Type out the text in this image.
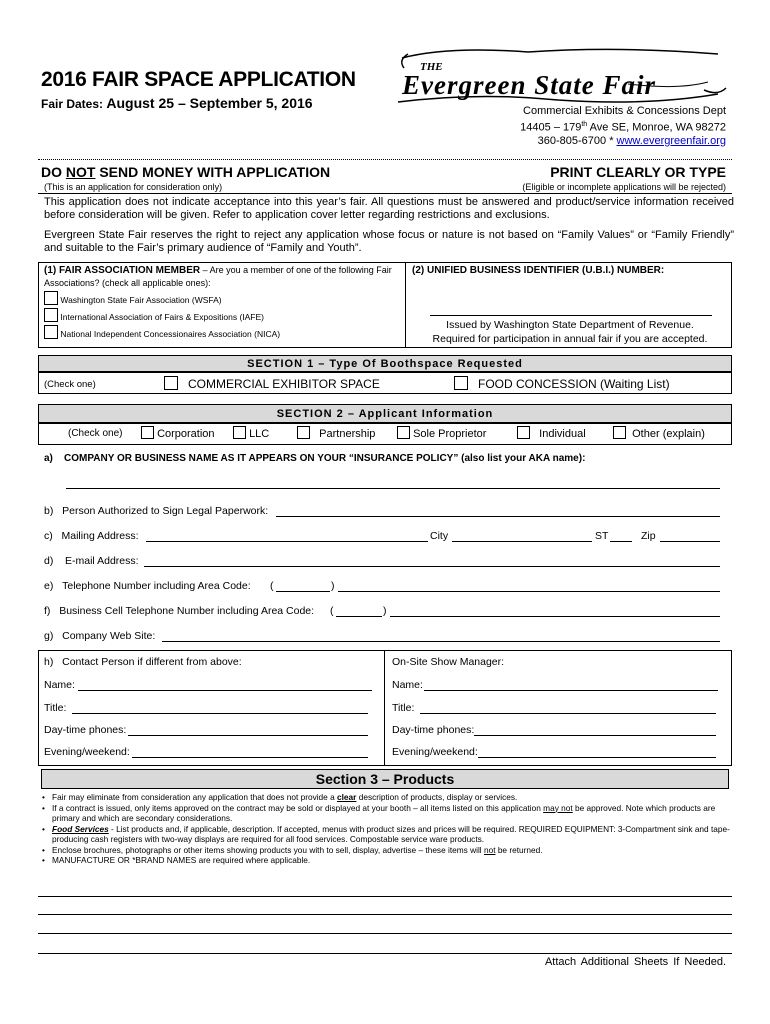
2016 FAIR SPACE APPLICATION
Fair Dates: August 25 – September 5, 2016
THE
Evergreen State Fair
Commercial Exhibits & Concessions Dept
14405 – 179th Ave SE, Monroe, WA 98272
360-805-6700 * www.evergreenfair.org
DO NOT SEND MONEY WITH APPLICATION	PRINT CLEARLY OR TYPE
(This is an application for consideration only)	(Eligible or incomplete applications will be rejected)
This application does not indicate acceptance into this year’s fair. All questions must be answered and product/service information received before consideration will be given. Refer to application cover letter regarding restrictions and exclusions.
Evergreen State Fair reserves the right to reject any application whose focus or nature is not based on “Family Values” or “Family Friendly” and suitable to the Fair’s primary audience of “Family and Youth”.
(1) FAIR ASSOCIATION MEMBER – Are you a member of one of the following Fair Associations? (check all applicable ones):
Washington State Fair Association (WSFA)
International Association of Fairs & Expositions (IAFE)
National Independent Concessionaires Association (NICA)
(2) UNIFIED BUSINESS IDENTIFIER (U.B.I.) NUMBER:
Issued by Washington State Department of Revenue.
Required for participation in annual fair if you are accepted.
SECTION 1 – Type Of Boothspace Requested
(Check one)	COMMERCIAL EXHIBITOR SPACE	FOOD CONCESSION (Waiting List)
SECTION 2 – Applicant Information
(Check one)	Corporation	LLC	Partnership	Sole Proprietor	Individual	Other (explain)
a) COMPANY OR BUSINESS NAME AS IT APPEARS ON YOUR “INSURANCE POLICY” (also list your AKA name):
b) Person Authorized to Sign Legal Paperwork:
c) Mailing Address:	City	ST	Zip
d) E-mail Address:
e) Telephone Number including Area Code: (	)
f) Business Cell Telephone Number including Area Code: (	)
g) Company Web Site:
h) Contact Person if different from above:	On-Site Show Manager:
Name:	Name:
Title:	Title:
Day-time phones:	Day-time phones:
Evening/weekend:	Evening/weekend:
Section 3 – Products
• Fair may eliminate from consideration any application that does not provide a clear description of products, display or services.
• If a contract is issued, only items approved on the contract may be sold or displayed at your booth – all items listed on this application may not be approved. Note which products are primary and which are secondary considerations.
• Food Services - List products and, if applicable, description. If accepted, menus with product sizes and prices will be required. REQUIRED EQUIPMENT: 3-Compartment sink and tape-producing cash registers with two-way displays are required for all food services. Compostable service ware products.
• Enclose brochures, photographs or other items showing products you with to sell, display, advertise – these items will not be returned.
• MANUFACTURE OR *BRAND NAMES are required where applicable.
Attach Additional Sheets If Needed.
